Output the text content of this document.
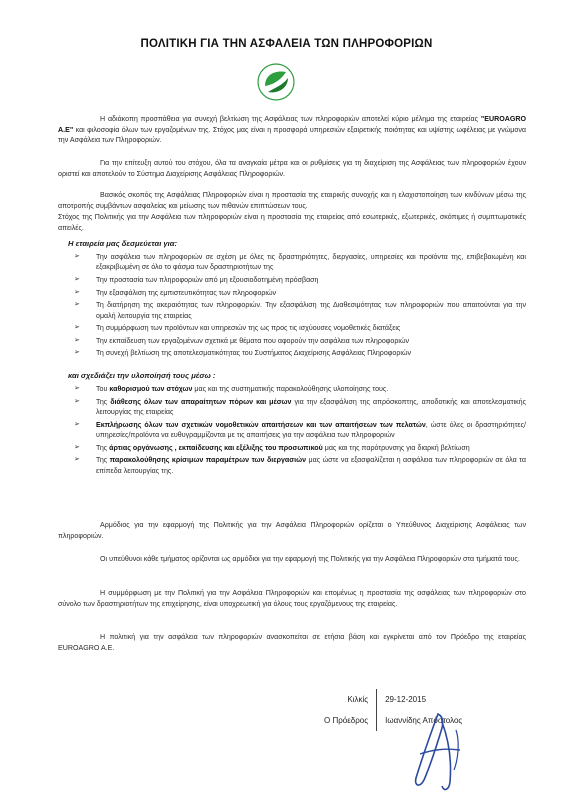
ΠΟΛΙΤΙΚΗ ΓΙΑ ΤΗΝ ΑΣΦΑΛΕΙΑ ΤΩΝ ΠΛΗΡΟΦΟΡΙΩΝ
Η αδιάκοπη προσπάθεια για συνεχή βελτίωση της Ασφάλειας των πληροφοριών αποτελεί κύριο μέλημα της εταιρείας "EUROAGRO A.E" και φιλοσοφία όλων των εργαζομένων της. Στόχος μας είναι η προσφορά υπηρεσιών εξαιρετικής ποιότητας και υψίστης ωφέλειας με γνώμονα την Ασφάλεια των Πληροφοριών.
Για την επίτευξη αυτού του στόχου, όλα τα αναγκαία μέτρα και οι ρυθμίσεις για τη διαχείριση της Ασφάλειας των πληροφοριών έχουν οριστεί και αποτελούν το Σύστημα Διαχείρισης Ασφάλειας Πληροφοριών.
Βασικός σκοπός της Ασφάλειας Πληροφοριών είναι η προστασία της εταιρικής συνοχής και η ελαχιστοποίηση των κινδύνων μέσω της αποτροπής συμβάντων ασφαλείας και μείωσης των πιθανών επιπτώσεων τους.
Στόχος της Πολιτικής για την Ασφάλεια των πληροφοριών είναι η προστασία της εταιρείας από εσωτερικές, εξωτερικές, σκόπιμες ή συμπτωματικές απειλές.
Η εταιρεία μας δεσμεύεται για:
➢ Την ασφάλεια των πληροφοριών σε σχέση με όλες τις δραστηριότητες, διεργασίες, υπηρεσίες και προϊόντα της, επιβεβαιωμένη και εξακριβωμένη σε όλο το φάσμα των δραστηριοτήτων της
➢ Την προστασία των πληροφοριών από μη εξουσιοδοτημένη πρόσβαση
➢ Την εξασφάλιση της εμπιστευτικότητας των πληροφοριών
➢ Τη διατήρηση της ακεραιότητας των πληροφοριών. Την εξασφάλιση της Διαθεσιμότητας των πληροφοριών που απαιτούνται για την ομαλή λειτουργία της εταιρείας
➢ Τη συμμόρφωση των προϊόντων και υπηρεσιών της ως προς τις ισχύουσες νομοθετικές διατάξεις
➢ Την εκπαίδευση των εργαζομένων σχετικά με θέματα που αφορούν την ασφάλεια των πληροφοριών
➢ Τη συνεχή βελτίωση της αποτελεσματικότητας του Συστήματος Διαχείρισης Ασφάλειας Πληροφοριών
και σχεδιάζει την υλοποίησή τους μέσω :
➢ Του καθορισμού των στόχων μας και της συστηματικής παρακολούθησης υλοποίησης τους.
➢ Της διάθεσης όλων των απαραίτητων πόρων και μέσων για την εξασφάλιση της απρόσκοπτης, αποδοτικής και αποτελεσματικής λειτουργίας της εταιρείας
➢ Εκπλήρωσης όλων των σχετικών νομοθετικών απαιτήσεων και των απαιτήσεων των πελατών, ώστε όλες οι δραστηριότητες/υπηρεσίες/προϊόντα να ευθυγραμμίζονται με τις απαιτήσεις για την ασφάλεια των πληροφοριών
➢ Της άρτιας οργάνωσης , εκπαίδευσης και εξέλιξης του προσωπικού μας και της παρότρυνσης για διαρκή βελτίωση
➢ Της παρακολούθησης κρίσιμων παραμέτρων των διεργασιών μας ώστε να εξασφαλίζεται η ασφάλεια των πληροφοριών σε όλα τα επίπεδα λειτουργίας της.
Αρμόδιος για την εφαρμογή της Πολιτικής για την Ασφάλεια Πληροφοριών ορίζεται ο Υπεύθυνος Διαχείρισης Ασφάλειας των πληροφοριών.
Οι υπεύθυνοι κάθε τμήματος ορίζονται ως αρμόδιοι για την εφαρμογή της Πολιτικής για την Ασφάλεια Πληροφοριών στα τμήματά τους.
Η συμμόρφωση με την Πολιτική για την Ασφάλεια Πληροφοριών και επομένως η προστασία της ασφάλειας των πληροφοριών στο σύνολο των δραστηριοτήτων της επιχείρησης, είναι υποχρεωτική για όλους τους εργαζόμενους της εταιρείας.
Η πολιτική για την ασφάλεια των πληροφοριών ανασκοπείται σε ετήσια βάση και εγκρίνεται από τον Πρόεδρο της εταιρείας EUROAGRO A.E.
Κιλκίς	29-12-2015
Ο Πρόεδρος	Ιωαννίδης Απόστολος
